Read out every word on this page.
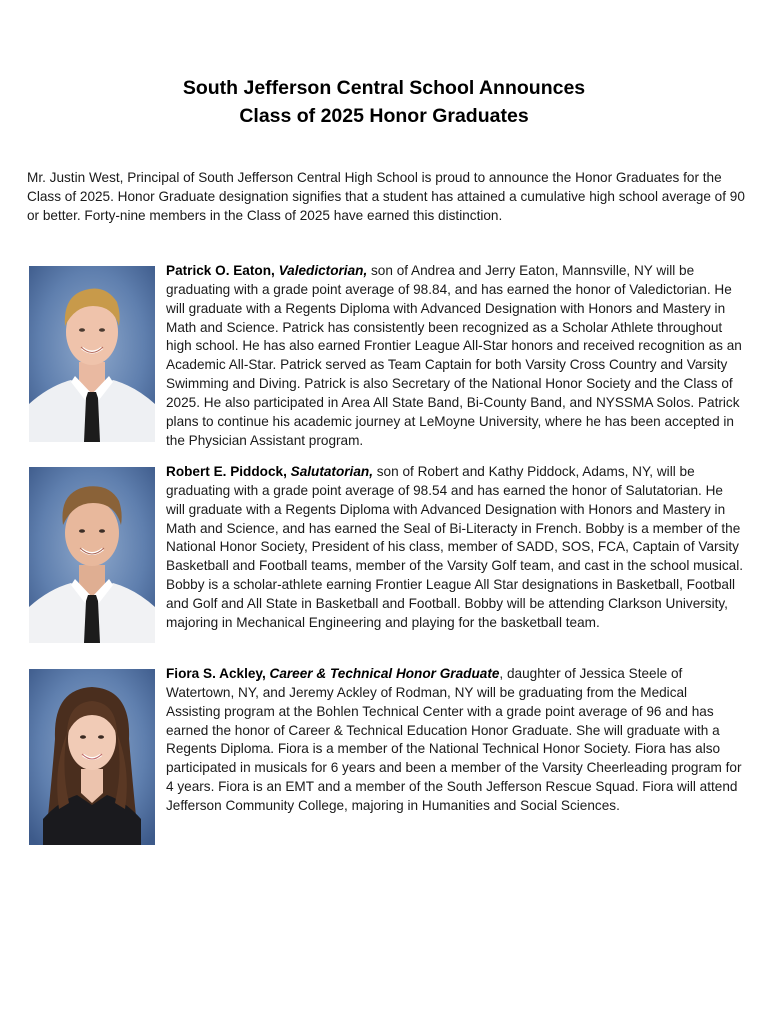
South Jefferson Central School Announces
Class of 2025 Honor Graduates

Mr. Justin West, Principal of South Jefferson Central High School is proud to announce the Honor Graduates for the Class of 2025. Honor Graduate designation signifies that a student has attained a cumulative high school average of 90 or better. Forty-nine members in the Class of 2025 have earned this distinction.

Patrick O. Eaton, Valedictorian, son of Andrea and Jerry Eaton, Mannsville, NY will be graduating with a grade point average of 98.84, and has earned the honor of Valedictorian. He will graduate with a Regents Diploma with Advanced Designation with Honors and Mastery in Math and Science. Patrick has consistently been recognized as a Scholar Athlete throughout high school. He has also earned Frontier League All-Star honors and received recognition as an Academic All-Star. Patrick served as Team Captain for both Varsity Cross Country and Varsity Swimming and Diving. Patrick is also Secretary of the National Honor Society and the Class of 2025. He also participated in Area All State Band, Bi-County Band, and NYSSMA Solos. Patrick plans to continue his academic journey at LeMoyne University, where he has been accepted in the Physician Assistant program.

Robert E. Piddock, Salutatorian, son of Robert and Kathy Piddock, Adams, NY, will be graduating with a grade point average of 98.54 and has earned the honor of Salutatorian. He will graduate with a Regents Diploma with Advanced Designation with Honors and Mastery in Math and Science, and has earned the Seal of Bi-Literacty in French. Bobby is a member of the National Honor Society, President of his class, member of SADD, SOS, FCA, Captain of Varsity Basketball and Football teams, member of the Varsity Golf team, and cast in the school musical. Bobby is a scholar-athlete earning Frontier League All Star designations in Basketball, Football and Golf and All State in Basketball and Football. Bobby will be attending Clarkson University, majoring in Mechanical Engineering and playing for the basketball team.

Fiora S. Ackley, Career & Technical Honor Graduate, daughter of Jessica Steele of Watertown, NY, and Jeremy Ackley of Rodman, NY will be graduating from the Medical Assisting program at the Bohlen Technical Center with a grade point average of 96 and has earned the honor of Career & Technical Education Honor Graduate. She will graduate with a Regents Diploma. Fiora is a member of the National Technical Honor Society. Fiora has also participated in musicals for 6 years and been a member of the Varsity Cheerleading program for 4 years. Fiora is an EMT and a member of the South Jefferson Rescue Squad. Fiora will attend Jefferson Community College, majoring in Humanities and Social Sciences.
